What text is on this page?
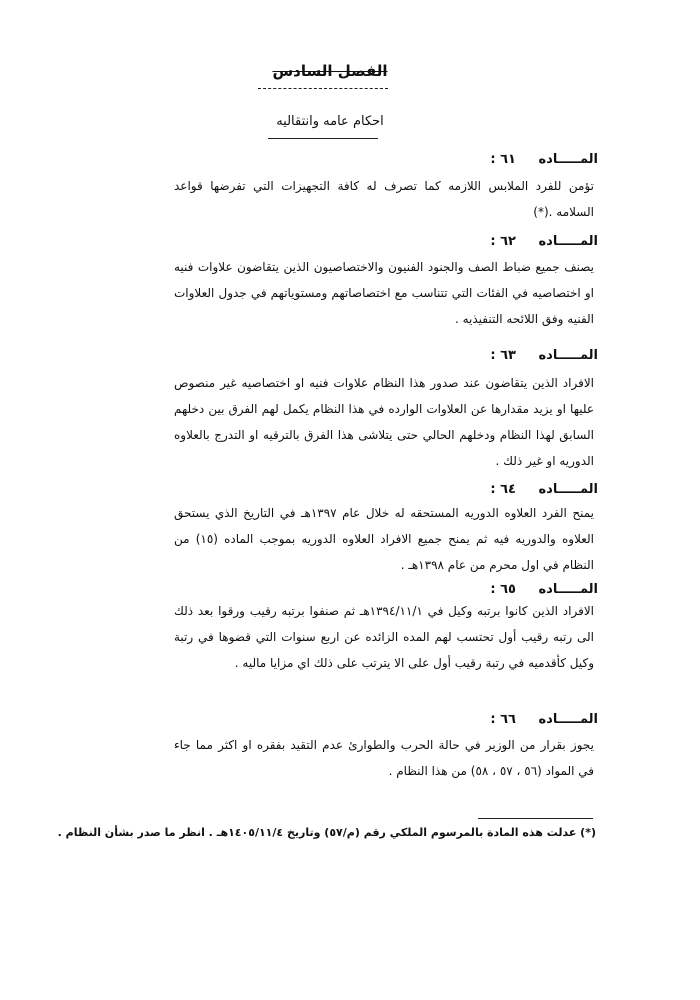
الفصل السادس
احكام عامه وانتقاليه
المـــــاده ٦١ :
تؤمن للفرد الملابس اللازمه كما تصرف له كافة التجهيزات التي تفرضها قواعد السلامه .(*)
المـــــاده ٦٢ :
يصنف جميع ضباط الصف والجنود الفنيون والاختصاصيون الذين يتقاضون علاوات فنيه او اختصاصيه في الفئات التي تتناسب مع اختصاصاتهم ومستوياتهم في جدول العلاوات الفنيه وفق اللائحه التنفيذيه .
المـــــاده ٦٣ :
الافراد الذين يتقاضون عند صدور هذا النظام علاوات فنيه او اختصاصيه غير منصوص عليها او يزيد مقدارها عن العلاوات الوارده في هذا النظام يكمل لهم الفرق بين دخلهم السابق لهذا النظام ودخلهم الحالي حتى يتلاشى هذا الفرق بالترقيه او التدرج بالعلاوه الدوريه او غير ذلك .
المـــــاده ٦٤ :
يمنح الفرد العلاوه الدوريه المستحقه له خلال عام ١٣٩٧هـ في التاريخ الذي يستحق العلاوه والدوريه فيه ثم يمنح جميع الافراد العلاوه الدوريه بموجب الماده (١٥) من النظام في اول محرم من عام ١٣٩٨هـ .
المـــــاده ٦٥ :
الافراد الذين كانوا برتبه وكيل في ١٣٩٤/١١/١هـ ثم صنفوا برتبه رقيب ورقوا بعد ذلك الى رتبه رقيب أول تحتسب لهم المده الزائده عن اربع سنوات التي قضوها في رتبة وكيل كأقدميه في رتبة رقيب أول على الا يترتب على ذلك اي مزايا ماليه .
المـــــاده ٦٦ :
يجوز بقرار من الوزير في حالة الحرب والطوارئ عدم التقيد بفقره او اكثر مما جاء في المواد (٥٦ ، ٥٧ ، ٥٨) من هذا النظام .
(*) عدلت هذه المادة بالمرسوم الملكي رقم (م/٥٧) وتاريخ ١٤٠٥/١١/٤هـ . انظر ما صدر بشأن النظام .
